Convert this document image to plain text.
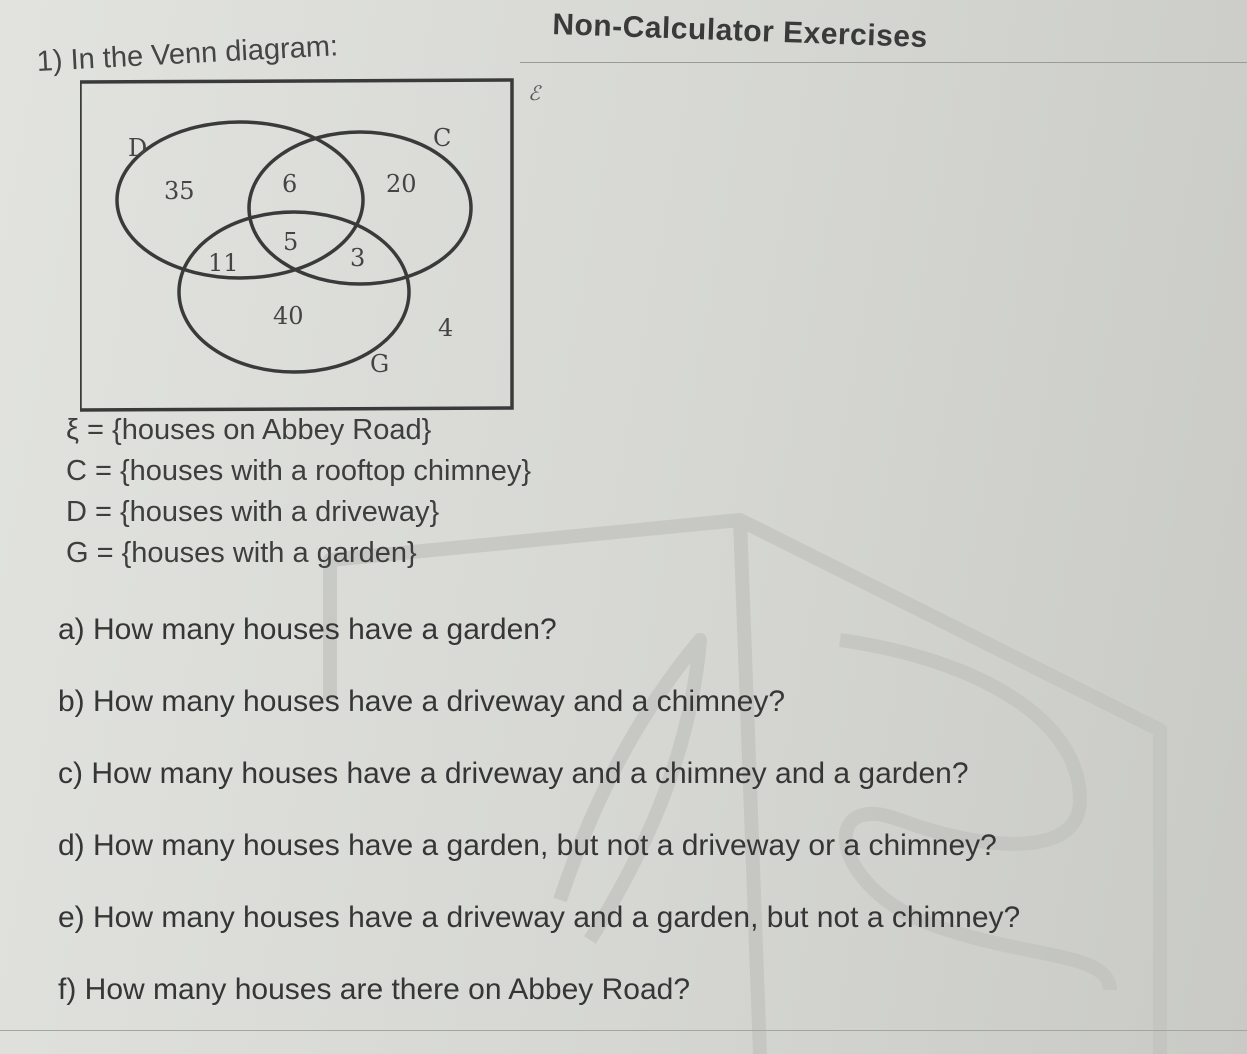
Non-Calculator Exercises
1) In the Venn diagram:
ℰ
D	C
G
35	6	20
11
5
3
40	4
ξ = {houses on Abbey Road}
C = {houses with a rooftop chimney}
D = {houses with a driveway}
G = {houses with a garden}
a) How many houses have a garden?
b) How many houses have a driveway and a chimney?
c) How many houses have a driveway and a chimney and a garden?
d) How many houses have a garden, but not a driveway or a chimney?
e) How many houses have a driveway and a garden, but not a chimney?
f) How many houses are there on Abbey Road?
